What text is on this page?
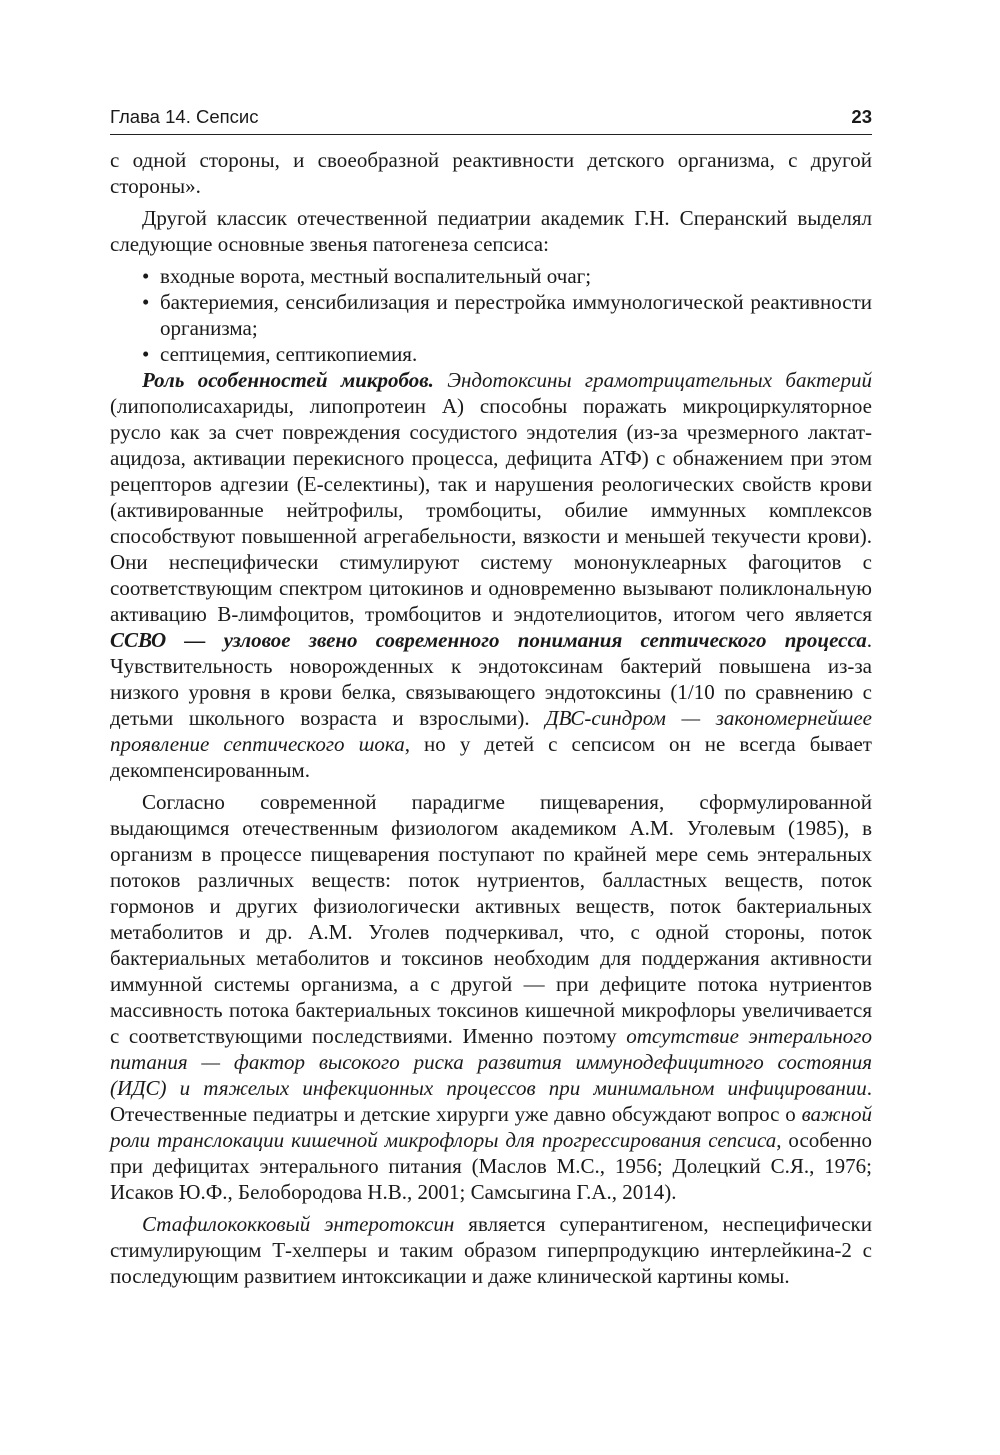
Глава 14. Сепсис	23

с одной стороны, и своеобразной реактивности детского организма, с другой стороны».

Другой классик отечественной педиатрии академик Г.Н. Сперанский выделял следующие основные звенья патогенеза сепсиса:

• входные ворота, местный воспалительный очаг;
• бактериемия, сенсибилизация и перестройка иммунологической реактивности организма;
• септицемия, септикопиемия.

Роль особенностей микробов. Эндотоксины грамотрицательных бактерий (липополисахариды, липопротеин А) способны поражать микроциркуляторное русло как за счет повреждения сосудистого эндотелия (из-за чрезмерного лактат-ацидоза, активации перекисного процесса, дефицита АТФ) с обнажением при этом рецепторов адгезии (Е-селектины), так и нарушения реологических свойств крови (активированные нейтрофилы, тромбоциты, обилие иммунных комплексов способствуют повышенной агрегабельности, вязкости и меньшей текучести крови). Они неспецифически стимулируют систему мононуклеарных фагоцитов с соответствующим спектром цитокинов и одновременно вызывают поликлональную активацию В-лимфоцитов, тромбоцитов и эндотелиоцитов, итогом чего является ССВО — узловое звено современного понимания септического процесса. Чувствительность новорожденных к эндотоксинам бактерий повышена из-за низкого уровня в крови белка, связывающего эндотоксины (1/10 по сравнению с детьми школьного возраста и взрослыми). ДВС-синдром — закономернейшее проявление септического шока, но у детей с сепсисом он не всегда бывает декомпенсированным.

Согласно современной парадигме пищеварения, сформулированной выдающимся отечественным физиологом академиком А.М. Уголевым (1985), в организм в процессе пищеварения поступают по крайней мере семь энтеральных потоков различных веществ: поток нутриентов, балластных веществ, поток гормонов и других физиологически активных веществ, поток бактериальных метаболитов и др. А.М. Уголев подчеркивал, что, с одной стороны, поток бактериальных метаболитов и токсинов необходим для поддержания активности иммунной системы организма, а с другой — при дефиците потока нутриентов массивность потока бактериальных токсинов кишечной микрофлоры увеличивается с соответствующими последствиями. Именно поэтому отсутствие энтерального питания — фактор высокого риска развития иммунодефицитного состояния (ИДС) и тяжелых инфекционных процессов при минимальном инфицировании. Отечественные педиатры и детские хирурги уже давно обсуждают вопрос о важной роли транслокации кишечной микрофлоры для прогрессирования сепсиса, особенно при дефицитах энтерального питания (Маслов М.С., 1956; Долецкий С.Я., 1976; Исаков Ю.Ф., Белобородова Н.В., 2001; Самсыгина Г.А., 2014).

Стафилококковый энтеротоксин является суперантигеном, неспецифически стимулирующим Т-хелперы и таким образом гиперпродукцию интерлейкина-2 с последующим развитием интоксикации и даже клинической картины комы.
